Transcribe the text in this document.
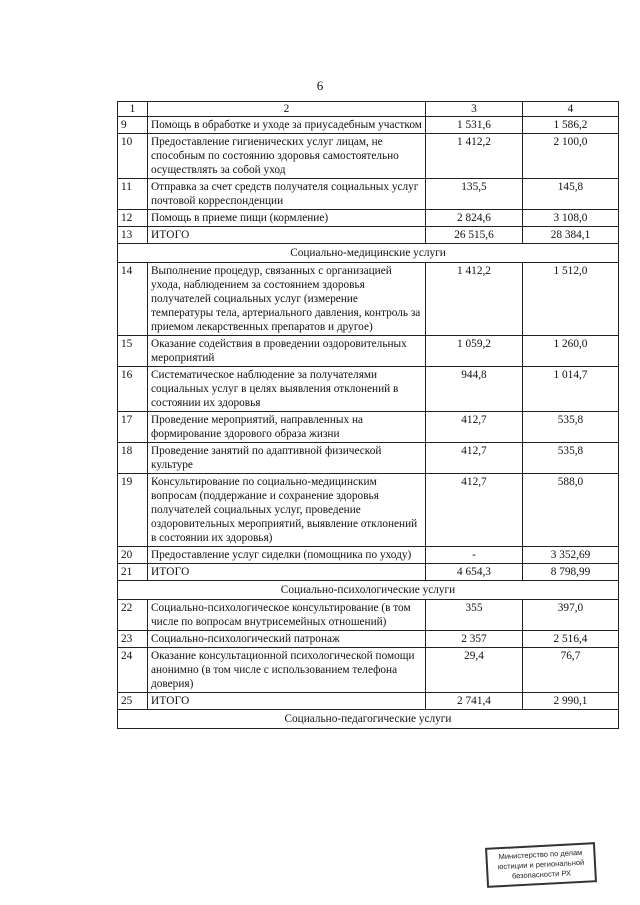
6
1	2	3	4
9	Помощь в обработке и уходе за приусадебным участком	1 531,6	1 586,2
10	Предоставление гигиенических услуг лицам, не способным по состоянию здоровья самостоятельно осуществлять за собой уход	1 412,2	2 100,0
11	Отправка за счет средств получателя социальных услуг почтовой корреспонденции	135,5	145,8
12	Помощь в приеме пищи (кормление)	2 824,6	3 108,0
13	ИТОГО	26 515,6	28 384,1
Социально-медицинские услуги			
14	Выполнение процедур, связанных с организацией ухода, наблюдением за состоянием здоровья получателей социальных услуг (измерение температуры тела, артериального давления, контроль за приемом лекарственных препаратов и другое)	1 412,2	1 512,0
15	Оказание содействия в проведении оздоровительных мероприятий	1 059,2	1 260,0
16	Систематическое наблюдение за получателями социальных услуг в целях выявления отклонений в состоянии их здоровья	944,8	1 014,7
17	Проведение мероприятий, направленных на формирование здорового образа жизни	412,7	535,8
18	Проведение занятий по адаптивной физической культуре	412,7	535,8
19	Консультирование по социально-медицинским вопросам (поддержание и сохранение здоровья получателей социальных услуг, проведение оздоровительных мероприятий, выявление отклонений в состоянии их здоровья)	412,7	588,0
20	Предоставление услуг сиделки (помощника по уходу)	-	3 352,69
21	ИТОГО	4 654,3	8 798,99
Социально-психологические услуги			
22	Социально-психологическое консультирование (в том числе по вопросам внутрисемейных отношений)	355	397,0
23	Социально-психологический патронаж	2 357	2 516,4
24	Оказание консультационной психологической помощи анонимно (в том числе с использованием телефона доверия)	29,4	76,7
25	ИТОГО	2 741,4	2 990,1
Социально-педагогические услуги			
Министерство по делам
юстиции и региональной
безопасности РХ
